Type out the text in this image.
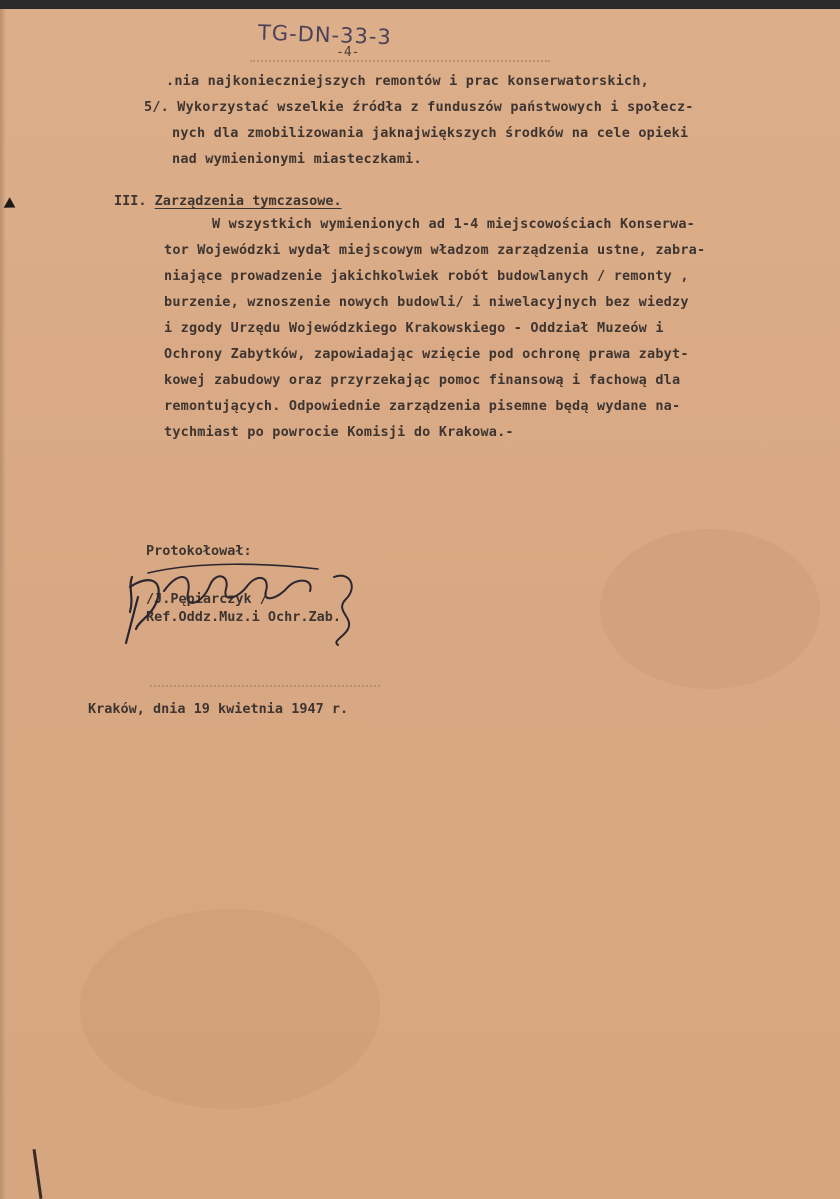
TG-DN-33-3
-4-
.nia najkonieczniejszych remontów i prac konserwatorskich,
5/. Wykorzystać wszelkie źródła z funduszów państwowych i społecz-
nych dla zmobilizowania jaknajwiększych środków na cele opieki
nad wymienionymi miasteczkami.
III. Zarządzenia tymczasowe.
W wszystkich wymienionych ad 1-4 miejscowościach Konserwa-
tor Wojewódzki wydał miejscowym władzom zarządzenia ustne, zabra-
niające prowadzenie jakichkolwiek robót budowlanych / remonty ,
burzenie, wznoszenie nowych budowli/ i niwelacyjnych bez wiedzy
i zgody Urzędu Wojewódzkiego Krakowskiego - Oddział Muzeów i
Ochrony Zabytków, zapowiadając wzięcie pod ochronę prawa zabyt-
kowej zabudowy oraz przyrzekając pomoc finansową i fachową dla
remontujących. Odpowiednie zarządzenia pisemne będą wydane na-
tychmiast po powrocie Komisji do Krakowa.-
Protokołował:
/J.Pępiarczyk /
Ref.Oddz.Muz.i Ochr.Zab.
Kraków, dnia 19 kwietnia 1947 r.
